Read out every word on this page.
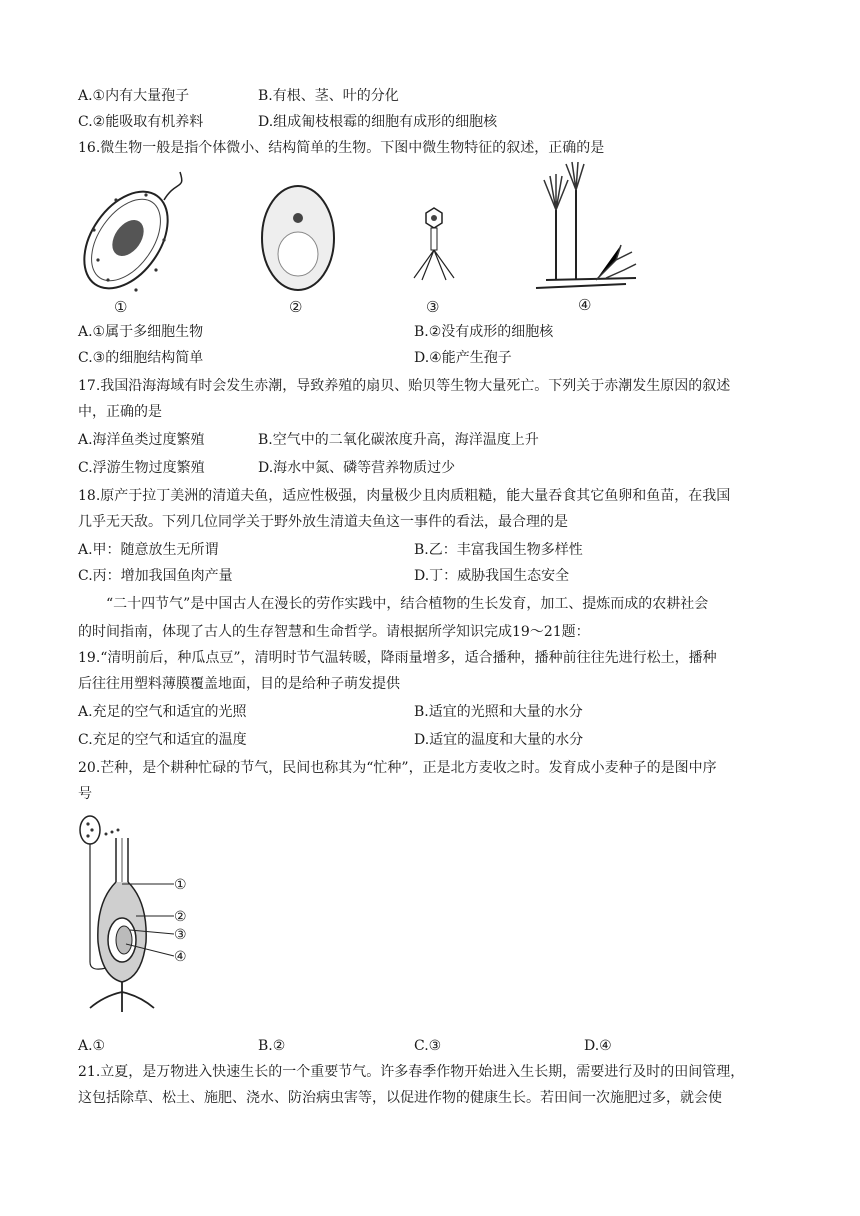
A.①内有大量孢子	B.有根、茎、叶的分化
C.②能吸取有机养料	D.组成匍枝根霉的细胞有成形的细胞核
16.微生物一般是指个体微小、结构简单的生物。下图中微生物特征的叙述，正确的是
①	②	③	④
A.①属于多细胞生物	B.②没有成形的细胞核
C.③的细胞结构简单	D.④能产生孢子
17.我国沿海海域有时会发生赤潮，导致养殖的扇贝、贻贝等生物大量死亡。下列关于赤潮发生原因的叙述
中，正确的是
A.海洋鱼类过度繁殖	B.空气中的二氧化碳浓度升高，海洋温度上升
C.浮游生物过度繁殖	D.海水中氮、磷等营养物质过少
18.原产于拉丁美洲的清道夫鱼，适应性极强，肉量极少且肉质粗糙，能大量吞食其它鱼卵和鱼苗，在我国
几乎无天敌。下列几位同学关于野外放生清道夫鱼这一事件的看法，最合理的是
A.甲：随意放生无所谓	B.乙：丰富我国生物多样性
C.丙：增加我国鱼肉产量	D.丁：威胁我国生态安全
“二十四节气”是中国古人在漫长的劳作实践中，结合植物的生长发育，加工、提炼而成的农耕社会
的时间指南，体现了古人的生存智慧和生命哲学。请根据所学知识完成19～21题：
19.“清明前后，种瓜点豆”，清明时节气温转暖，降雨量增多，适合播种，播种前往往先进行松土，播种
后往往用塑料薄膜覆盖地面，目的是给种子萌发提供
A.充足的空气和适宜的光照	B.适宜的光照和大量的水分
C.充足的空气和适宜的温度	D.适宜的温度和大量的水分
20.芒种，是个耕种忙碌的节气，民间也称其为“忙种”，正是北方麦收之时。发育成小麦种子的是图中序
号
①
②
③
④
A.①	B.②	C.③	D.④
21.立夏，是万物进入快速生长的一个重要节气。许多春季作物开始进入生长期，需要进行及时的田间管理，
这包括除草、松土、施肥、浇水、防治病虫害等，以促进作物的健康生长。若田间一次施肥过多，就会使
